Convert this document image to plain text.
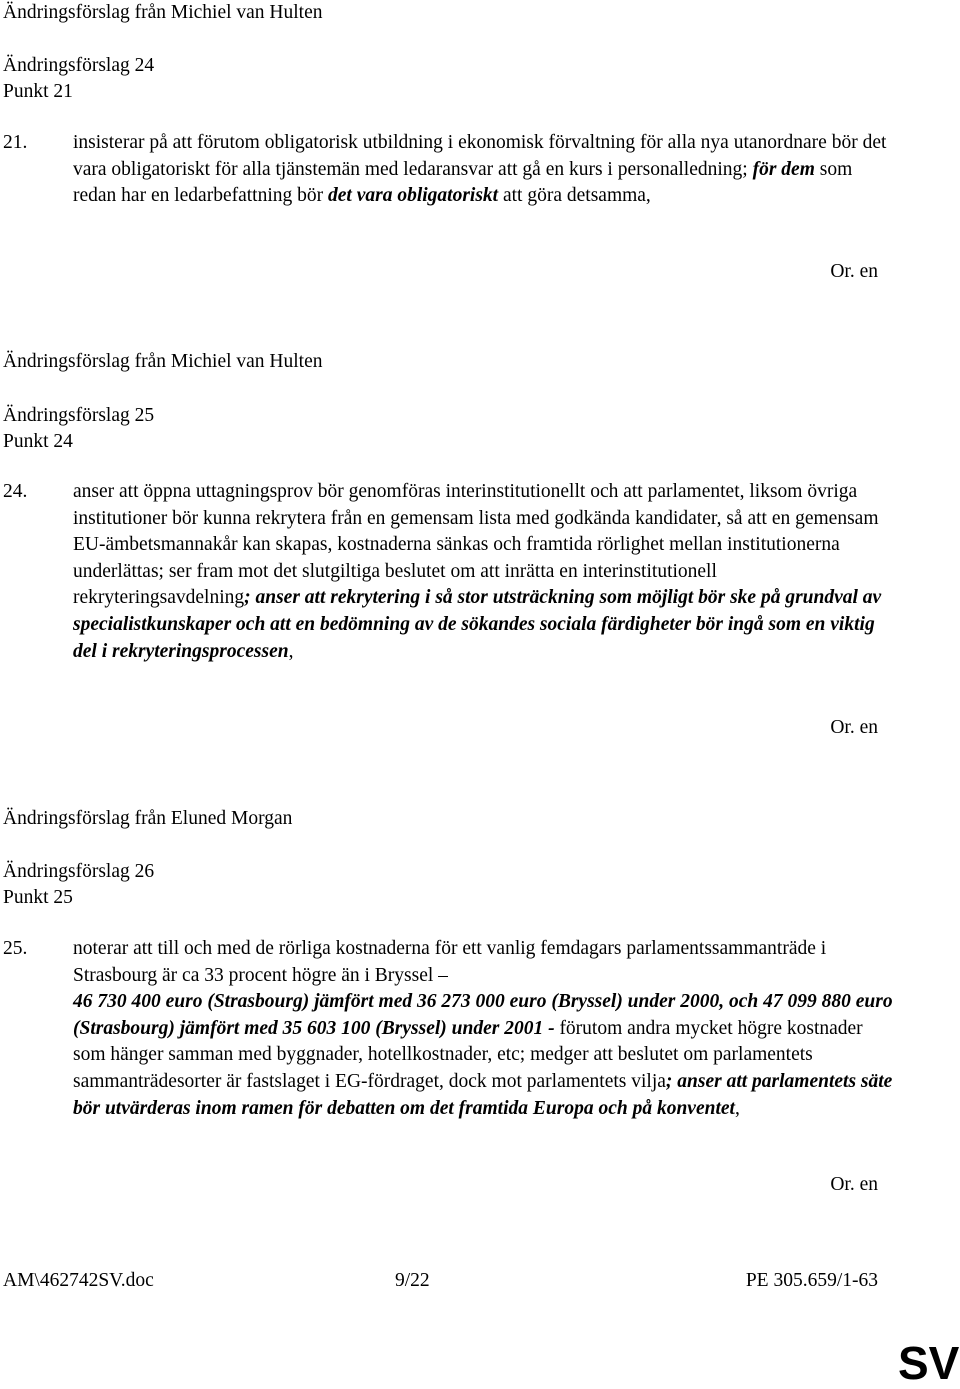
Ändringsförslag från Michiel van Hulten
Ändringsförslag 24
Punkt 21
21. insisterar på att förutom obligatorisk utbildning i ekonomisk förvaltning för alla nya utanordnare bör det vara obligatoriskt för alla tjänstemän med ledaransvar att gå en kurs i personalledning; för dem som redan har en ledarbefattning bör det vara obligatoriskt att göra detsamma,
Or. en
Ändringsförslag från Michiel van Hulten
Ändringsförslag 25
Punkt 24
24. anser att öppna uttagningsprov bör genomföras interinstitutionellt och att parlamentet, liksom övriga institutioner bör kunna rekrytera från en gemensam lista med godkända kandidater, så att en gemensam EU-ämbetsmannakår kan skapas, kostnaderna sänkas och framtida rörlighet mellan institutionerna underlättas; ser fram mot det slutgiltiga beslutet om att inrätta en interinstitutionell rekryteringsavdelning; anser att rekrytering i så stor utsträckning som möjligt bör ske på grundval av specialistkunskaper och att en bedömning av de sökandes sociala färdigheter bör ingå som en viktig del i rekryteringsprocessen,
Or. en
Ändringsförslag från Eluned Morgan
Ändringsförslag 26
Punkt 25
25. noterar att till och med de rörliga kostnaderna för ett vanlig femdagars parlamentssammanträde i Strasbourg är ca 33 procent högre än i Bryssel –
46 730 400 euro (Strasbourg) jämfört med 36 273 000 euro (Bryssel) under 2000, och 47 099 880 euro (Strasbourg) jämfört med 35 603 100 (Bryssel) under 2001 - förutom andra mycket högre kostnader som hänger samman med byggnader, hotellkostnader, etc; medger att beslutet om parlamentets sammanträdesorter är fastslaget i EG-fördraget, dock mot parlamentets vilja; anser att parlamentets säte bör utvärderas inom ramen för debatten om det framtida Europa och på konventet,
Or. en
AM\462742SV.doc	9/22	PE 305.659/1-63
SV
